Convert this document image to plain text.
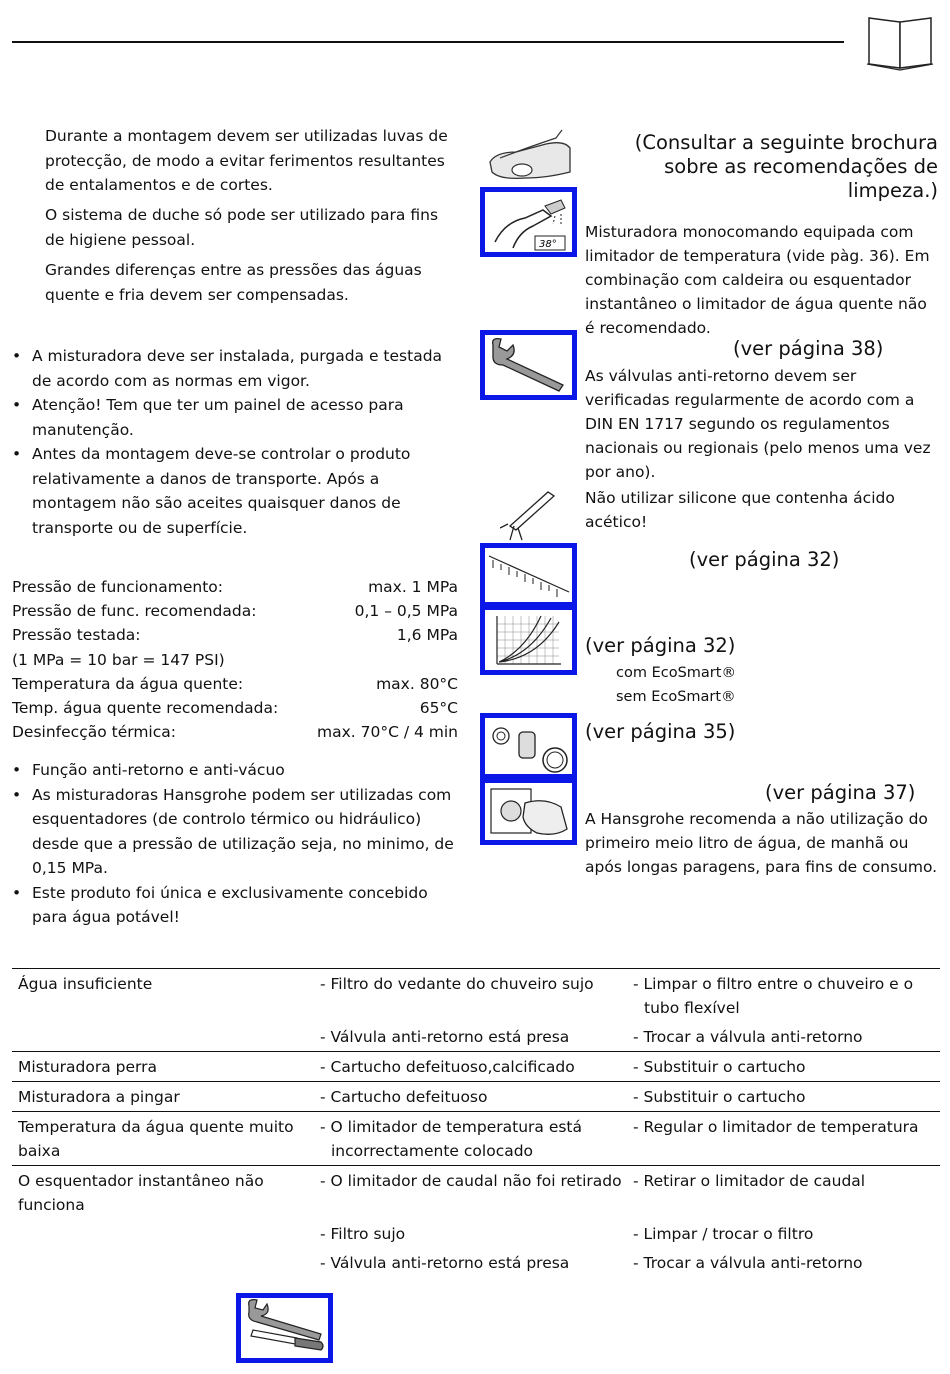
Durante a montagem devem ser utilizadas luvas de protecção, de modo a evitar ferimentos resultantes de entalamentos e de cortes.

O sistema de duche só pode ser utilizado para fins de higiene pessoal.

Grandes diferenças entre as pressões das águas quente e fria devem ser compensadas.

• A misturadora deve ser instalada, purgada e testada de acordo com as normas em vigor.
• Atenção! Tem que ter um painel de acesso para manutenção.
• Antes da montagem deve-se controlar o produto relativamente a danos de transporte. Após a montagem não são aceites quaisquer danos de transporte ou de superfície.
Pressão de funcionamento:	max. 1 MPa
Pressão de func. recomendada:	0,1 – 0,5 MPa
Pressão testada:	1,6 MPa
(1 MPa = 10 bar = 147 PSI)
Temperatura da água quente:	max. 80°C
Temp. água quente recomendada:	65°C
Desinfecção térmica:	max. 70°C / 4 min
• Função anti-retorno e anti-vácuo
• As misturadoras Hansgrohe podem ser utilizadas com esquentadores (de controlo térmico ou hidráulico) desde que a pressão de utilização seja, no minimo, de 0,15 MPa.
• Este produto foi única e exclusivamente concebido para água potável!
38°
(Consultar a seguinte brochura sobre as recomendações de limpeza.)
Misturadora monocomando equipada com limitador de temperatura (vide pàg. 36). Em combinação com caldeira ou esquentador instantâneo o limitador de água quente não é recomendado.
(ver página 38)
As válvulas anti-retorno devem ser verificadas regularmente de acordo com a DIN EN 1717 segundo os regulamentos nacionais ou regionais (pelo menos uma vez por ano).
Não utilizar silicone que contenha ácido acético!
(ver página 32)
(ver página 32)
com EcoSmart®
sem EcoSmart®
(ver página 35)
(ver página 37)
A Hansgrohe recomenda a não utilização do primeiro meio litro de água, de manhã ou após longas paragens, para fins de consumo.
Água insuficiente	- Filtro do vedante do chuveiro sujo	- Limpar o filtro entre o chuveiro e o tubo flexível
	- Válvula anti-retorno está presa	- Trocar a válvula anti-retorno
Misturadora perra	- Cartucho defeituoso,calcificado	- Substituir o cartucho
Misturadora a pingar	- Cartucho defeituoso	- Substituir o cartucho
Temperatura da água quente muito baixa	- O limitador de temperatura está incorrectamente colocado	- Regular o limitador de temperatura
O esquentador instantâneo não funciona	- O limitador de caudal não foi retirado	- Retirar o limitador de caudal
	- Filtro sujo	- Limpar / trocar o filtro
	- Válvula anti-retorno está presa	- Trocar a válvula anti-retorno
